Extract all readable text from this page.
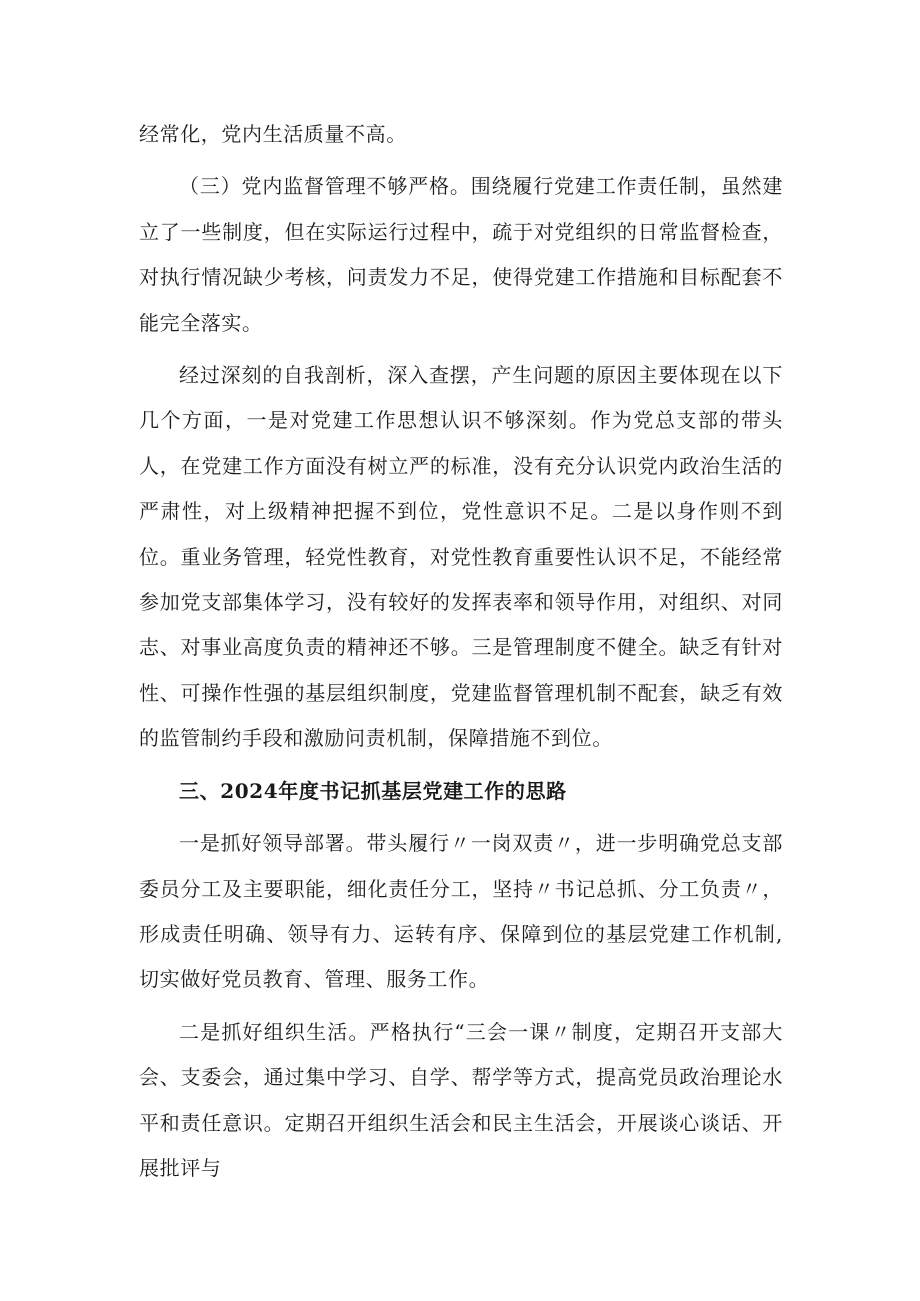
经常化，党内生活质量不高。

（三）党内监督管理不够严格。围绕履行党建工作责任制，虽然建立了一些制度，但在实际运行过程中，疏于对党组织的日常监督检查，对执行情况缺少考核，问责发力不足，使得党建工作措施和目标配套不能完全落实。

经过深刻的自我剖析，深入查摆，产生问题的原因主要体现在以下几个方面，一是对党建工作思想认识不够深刻。作为党总支部的带头人，在党建工作方面没有树立严的标准，没有充分认识党内政治生活的严肃性，对上级精神把握不到位，党性意识不足。二是以身作则不到位。重业务管理，轻党性教育，对党性教育重要性认识不足，不能经常参加党支部集体学习，没有较好的发挥表率和领导作用，对组织、对同志、对事业高度负责的精神还不够。三是管理制度不健全。缺乏有针对性、可操作性强的基层组织制度，党建监督管理机制不配套，缺乏有效的监管制约手段和激励问责机制，保障措施不到位。

三、2024年度书记抓基层党建工作的思路

一是抓好领导部署。带头履行〃一岗双责〃，进一步明确党总支部委员分工及主要职能，细化责任分工，坚持〃书记总抓、分工负责〃，形成责任明确、领导有力、运转有序、保障到位的基层党建工作机制,切实做好党员教育、管理、服务工作。

二是抓好组织生活。严格执行“三会一课〃制度，定期召开支部大会、支委会，通过集中学习、自学、帮学等方式，提高党员政治理论水平和责任意识。定期召开组织生活会和民主生活会，开展谈心谈话、开展批评与
